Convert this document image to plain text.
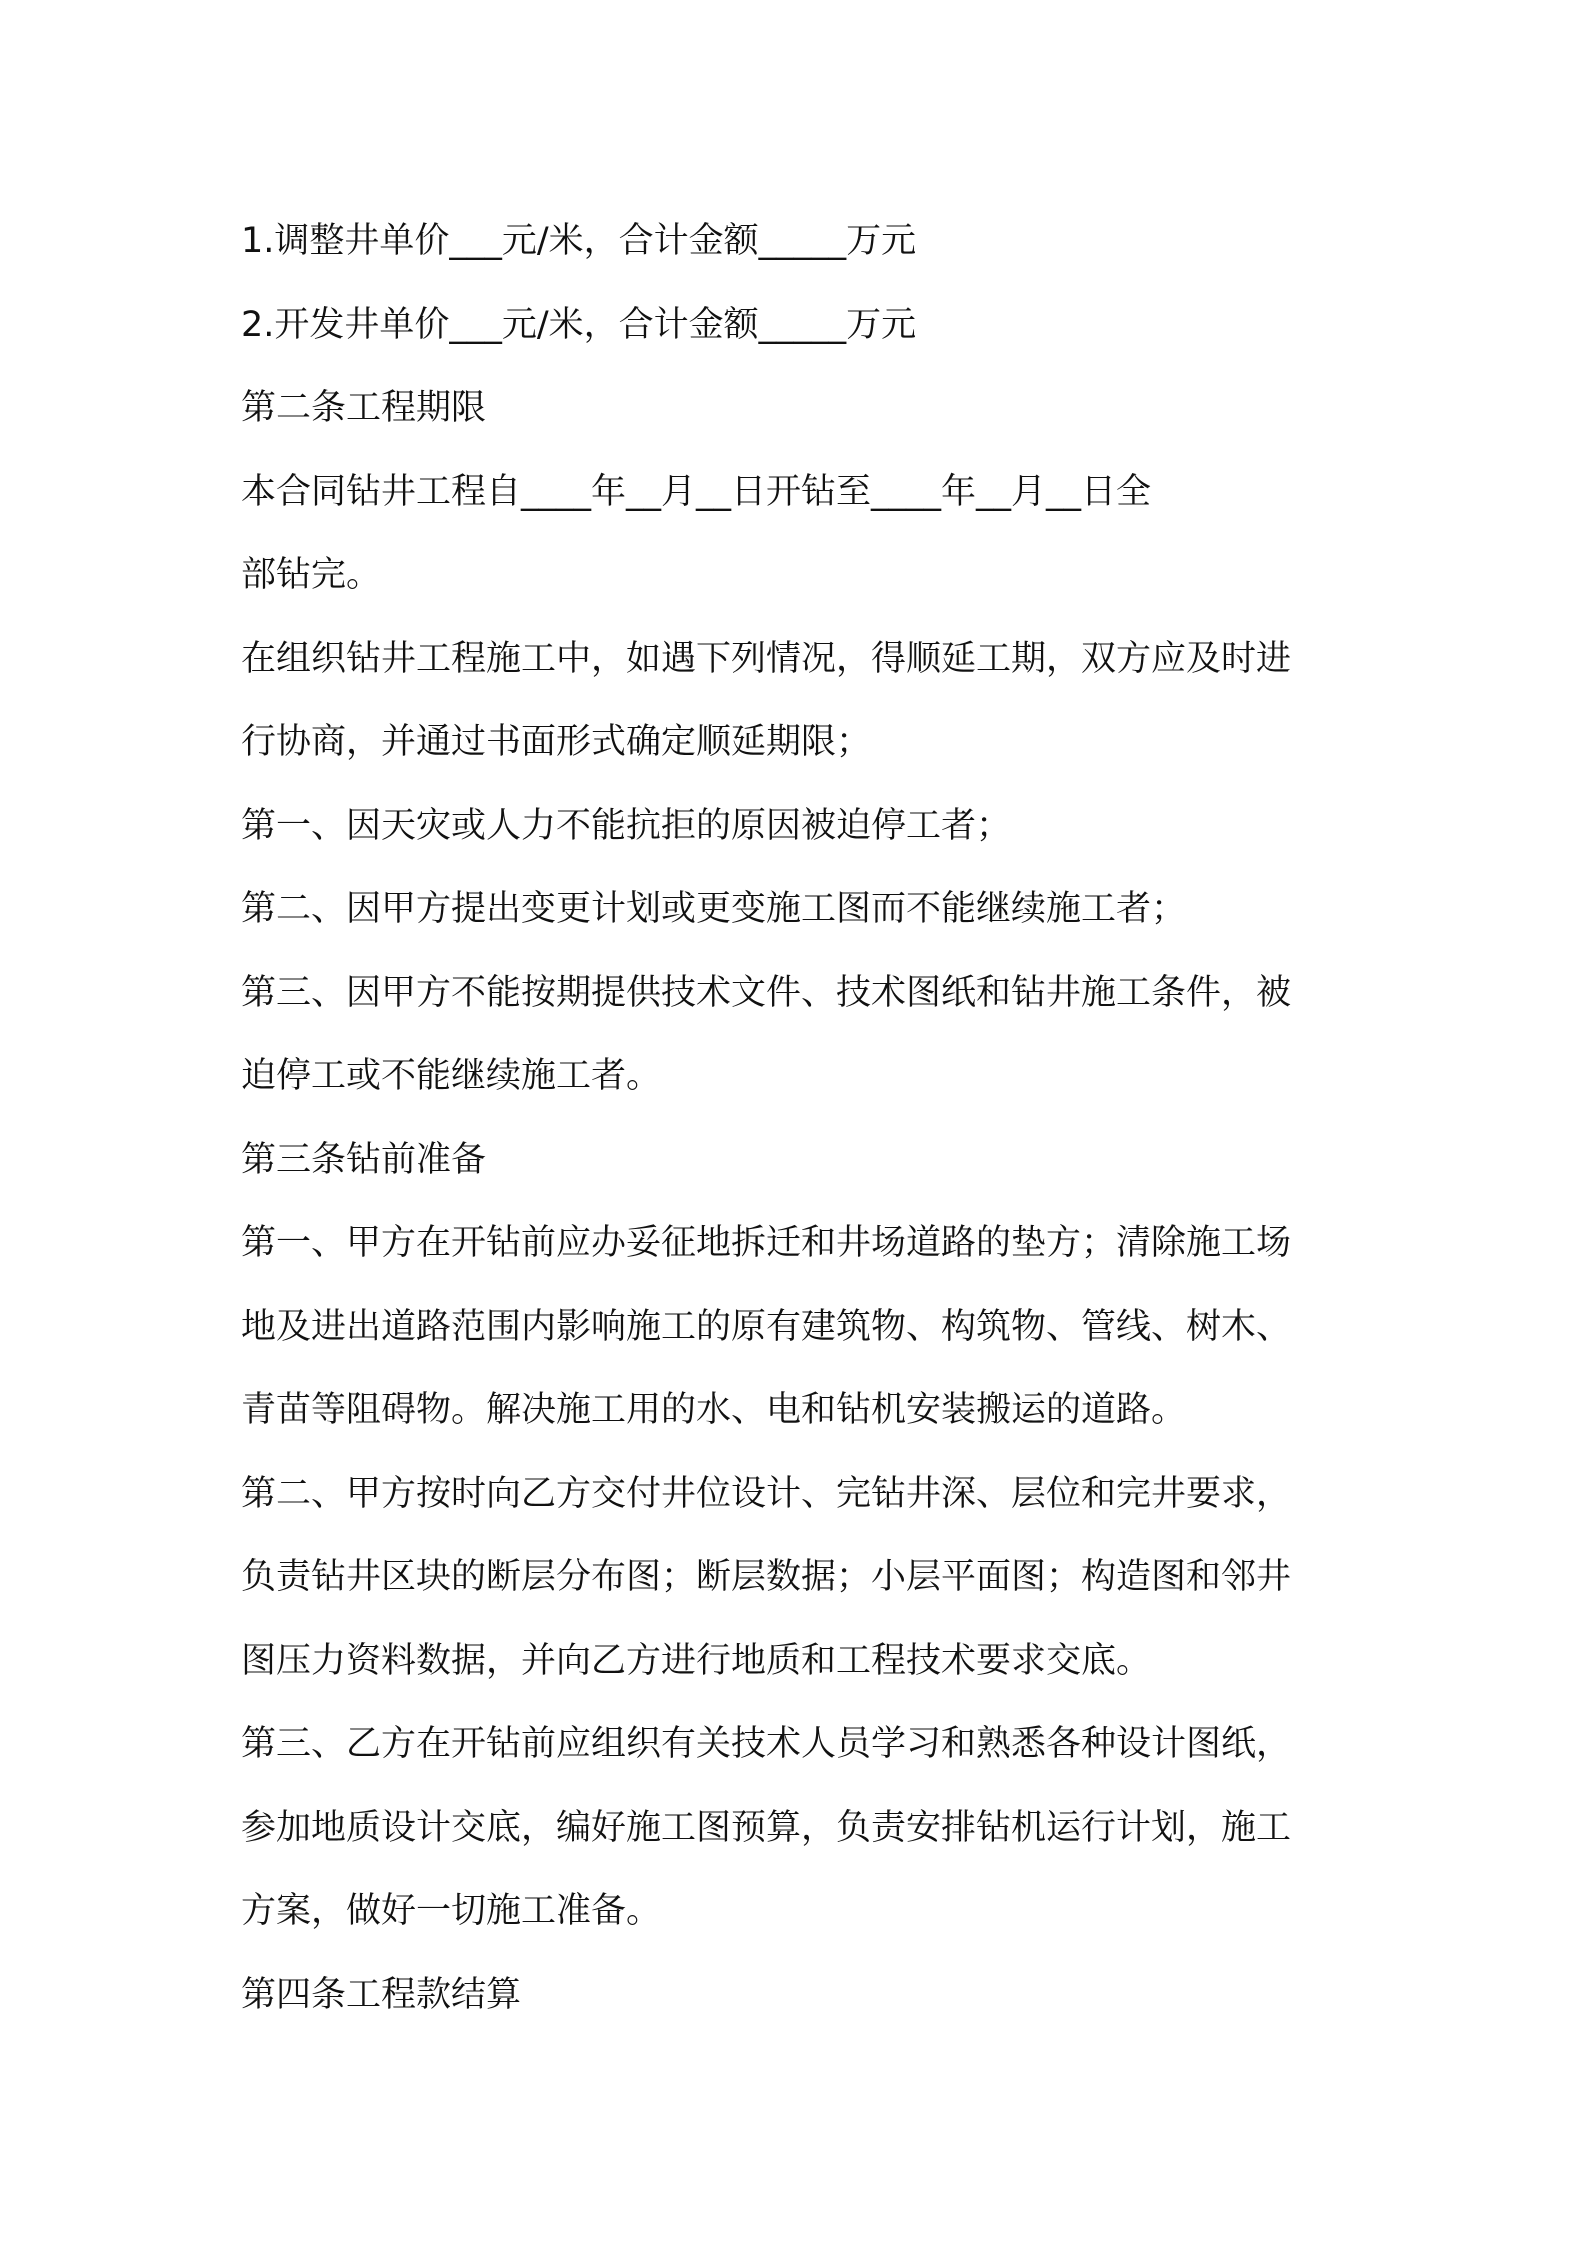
1.调整井单价___元/米，合计金额_____万元
2.开发井单价___元/米，合计金额_____万元
第二条工程期限
本合同钻井工程自____年__月__日开钻至____年__月__日全
部钻完。
在组织钻井工程施工中，如遇下列情况，得顺延工期，双方应及时进
行协商，并通过书面形式确定顺延期限；
第一、因天灾或人力不能抗拒的原因被迫停工者；
第二、因甲方提出变更计划或更变施工图而不能继续施工者；
第三、因甲方不能按期提供技术文件、技术图纸和钻井施工条件，被
迫停工或不能继续施工者。
第三条钻前准备
第一、甲方在开钻前应办妥征地拆迁和井场道路的垫方；清除施工场
地及进出道路范围内影响施工的原有建筑物、构筑物、管线、树木、
青苗等阻碍物。解决施工用的水、电和钻机安装搬运的道路。
第二、甲方按时向乙方交付井位设计、完钻井深、层位和完井要求，
负责钻井区块的断层分布图；断层数据；小层平面图；构造图和邻井
图压力资料数据，并向乙方进行地质和工程技术要求交底。
第三、乙方在开钻前应组织有关技术人员学习和熟悉各种设计图纸，
参加地质设计交底，编好施工图预算，负责安排钻机运行计划，施工
方案，做好一切施工准备。
第四条工程款结算
